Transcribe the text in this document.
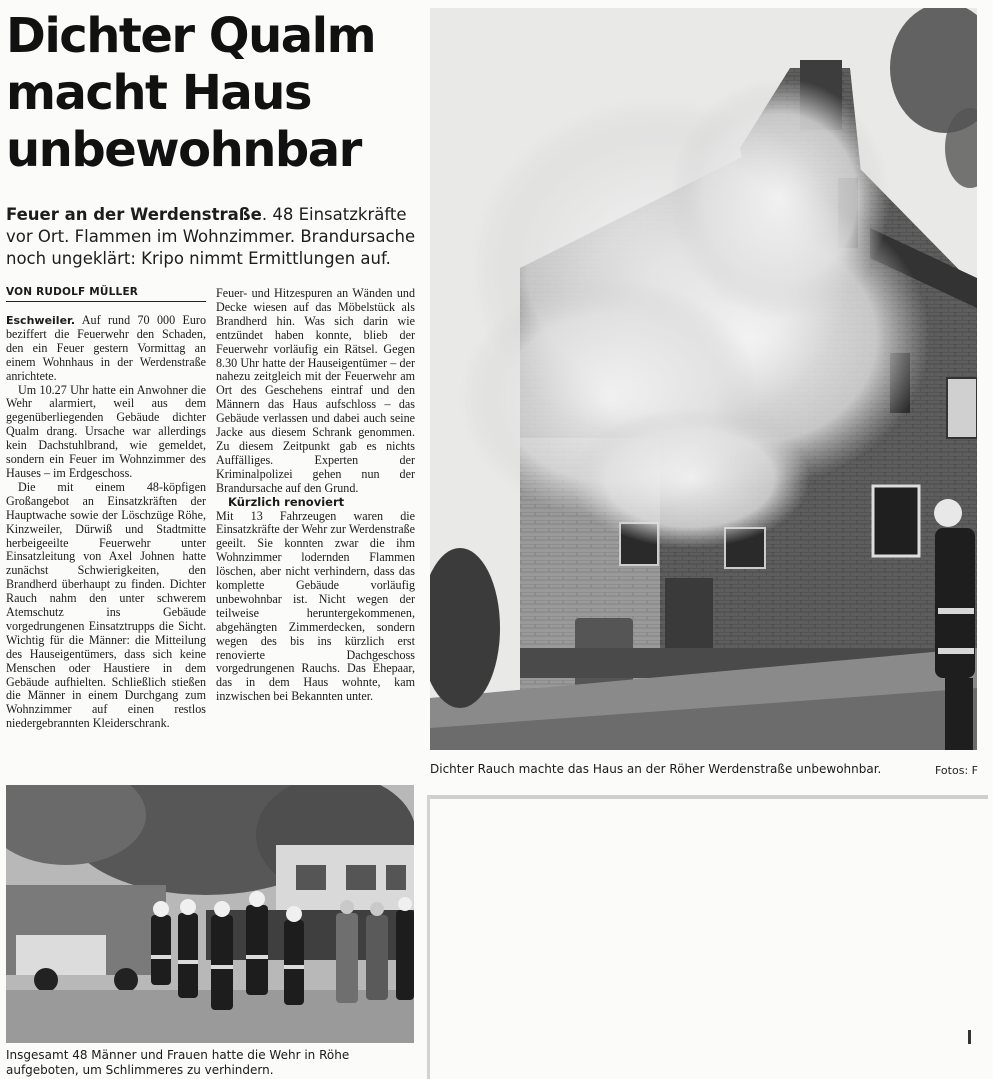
Dichter Qualm
macht Haus
unbewohnbar
Feuer an der Werdenstraße. 48 Einsatzkräfte vor Ort. Flammen im Wohnzimmer. Brandursache noch ungeklärt: Kripo nimmt Ermittlungen auf.
VON RUDOLF MÜLLER

Eschweiler. Auf rund 70 000 Euro beziffert die Feuerwehr den Schaden, den ein Feuer gestern Vormittag an einem Wohnhaus in der Werdenstraße anrichtete.

Um 10.27 Uhr hatte ein Anwohner die Wehr alarmiert, weil aus dem gegenüberliegenden Gebäude dichter Qualm drang. Ursache war allerdings kein Dachstuhlbrand, wie gemeldet, sondern ein Feuer im Wohnzimmer des Hauses – im Erdgeschoss.

Die mit einem 48-köpfigen Großangebot an Einsatzkräften der Hauptwache sowie der Löschzüge Röhe, Kinzweiler, Dürwiß und Stadtmitte herbeigeeilte Feuerwehr unter Einsatzleitung von Axel Johnen hatte zunächst Schwierigkeiten, den Brandherd überhaupt zu finden. Dichter Rauch nahm den unter schwerem Atemschutz ins Gebäude vorgedrungenen Einsatztrupps die Sicht. Wichtig für die Männer: die Mitteilung des Hauseigentümers, dass sich keine Menschen oder Haustiere in dem Gebäude aufhielten. Schließlich stießen die Männer in einem Durchgang zum Wohnzimmer auf einen restlos niedergebrannten Kleiderschrank.

Feuer- und Hitzespuren an Wänden und Decke wiesen auf das Möbelstück als Brandherd hin. Was sich darin wie entzündet haben konnte, blieb der Feuerwehr vorläufig ein Rätsel. Gegen 8.30 Uhr hatte der Hauseigentümer – der nahezu zeitgleich mit der Feuerwehr am Ort des Geschehens eintraf und den Männern das Haus aufschloss – das Gebäude verlassen und dabei auch seine Jacke aus diesem Schrank genommen. Zu diesem Zeitpunkt gab es nichts Auffälliges. Experten der Kriminalpolizei gehen nun der Brandursache auf den Grund.

Kürzlich renoviert

Mit 13 Fahrzeugen waren die Einsatzkräfte der Wehr zur Werdenstraße geeilt. Sie konnten zwar die ihm Wohnzimmer lodernden Flammen löschen, aber nicht verhindern, dass das komplette Gebäude vorläufig unbewohnbar ist. Nicht wegen der teilweise heruntergekommenen, abgehängten Zimmerdecken, sondern wegen des bis ins kürzlich erst renovierte Dachgeschoss vorgedrungenen Rauchs. Das Ehepaar, das in dem Haus wohnte, kam inzwischen bei Bekannten unter.

Dichter Rauch machte das Haus an der Röher Werdenstraße unbewohnbar.	Fotos: F
Insgesamt 48 Männer und Frauen hatte die Wehr in Röhe aufgeboten, um Schlimmeres zu verhindern.
